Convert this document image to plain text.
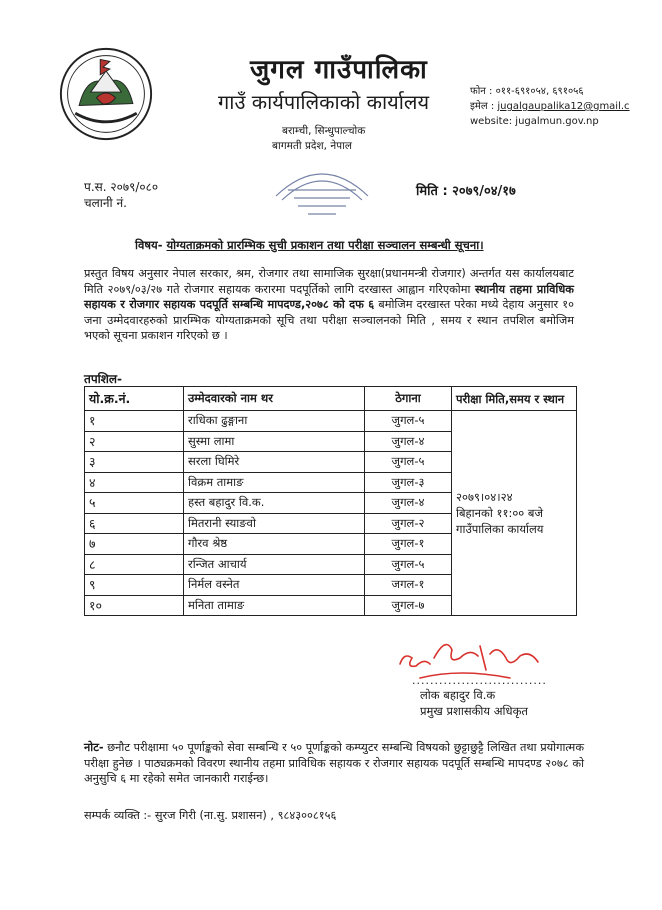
जुगल गाउँपालिका
गाउँ कार्यपालिकाको कार्यालय
बराम्ची, सिन्धुपाल्चोक
बागमती प्रदेश, नेपाल
फोन : ०११-६९१०५४, ६९१०५६
इमेल : jugalgaupalika12@gmail.c
website: jugalmun.gov.np
प.स. २०७९/०८०
चलानी नं.
मिति : २०७९/०४/१७
विषय- योग्यताक्रमको प्रारम्भिक सुची प्रकाशन तथा परीक्षा सञ्चालन सम्बन्धी सूचना।
प्रस्तुत विषय अनुसार नेपाल सरकार, श्रम, रोजगार तथा सामाजिक सुरक्षा(प्रधानमन्त्री रोजगार) अन्तर्गत यस कार्यालयबाट मिति २०७९/०३/२७ गते रोजगार सहायक करारमा पदपूर्तिको लागि दरखास्त आह्वान गरिएकोमा स्थानीय तहमा प्राविधिक सहायक र रोजगार सहायक पदपूर्ति सम्बन्धि मापदण्ड,२०७८ को दफ ६ बमोजिम दरखास्त परेका मध्ये देहाय अनुसार १० जना उम्मेदवारहरुको प्रारम्भिक योग्यताक्रमको सूचि तथा परीक्षा सञ्चालनको मिति , समय र स्थान तपशिल बमोजिम भएको सूचना प्रकाशन गरिएको छ ।
तपशिल-
यो.क्र.नं.	उम्मेदवारको नाम थर	ठेगाना	परीक्षा मिति,समय र स्थान
१	राधिका ढुङ्गाना	जुगल-५	२०७९।०४।२४
बिहानको ११:०० बजे
गाउँपालिका कार्यालय

२	सुस्मा लामा	जुगल-४	
३	सरला घिमिरे	जुगल-५	
४	विक्रम तामाङ	जुगल-३	
५	हस्त बहादुर वि.क.	जुगल-४	
६	मितरानी स्याङवो	जुगल-२	
७	गौरव श्रेष्ठ	जुगल-१	
८	रन्जित आचार्य	जुगल-५	
९	निर्मल वस्नेत	जगल-१	
१०	मनिता तामाङ	जुगल-७	
..............................
लोक बहादुर वि.क
प्रमुख प्रशासकीय अधिकृत
नोट- छनौट परीक्षामा ५० पूर्णाङ्कको सेवा सम्बन्धि र ५० पूर्णाङ्कको कम्प्युटर सम्बन्धि विषयको छुट्टाछुट्टै लिखित तथा प्रयोगात्मक परीक्षा हुनेछ । पाठ्यक्रमको विवरण स्थानीय तहमा प्राविधिक सहायक र रोजगार सहायक पदपूर्ति सम्बन्धि मापदण्ड २०७८ को अनुसुचि ६ मा रहेको समेत जानकारी गराईन्छ।
सम्पर्क व्यक्ति :- सुरज गिरी (ना.सु. प्रशासन) , ९८४३००८१५६
